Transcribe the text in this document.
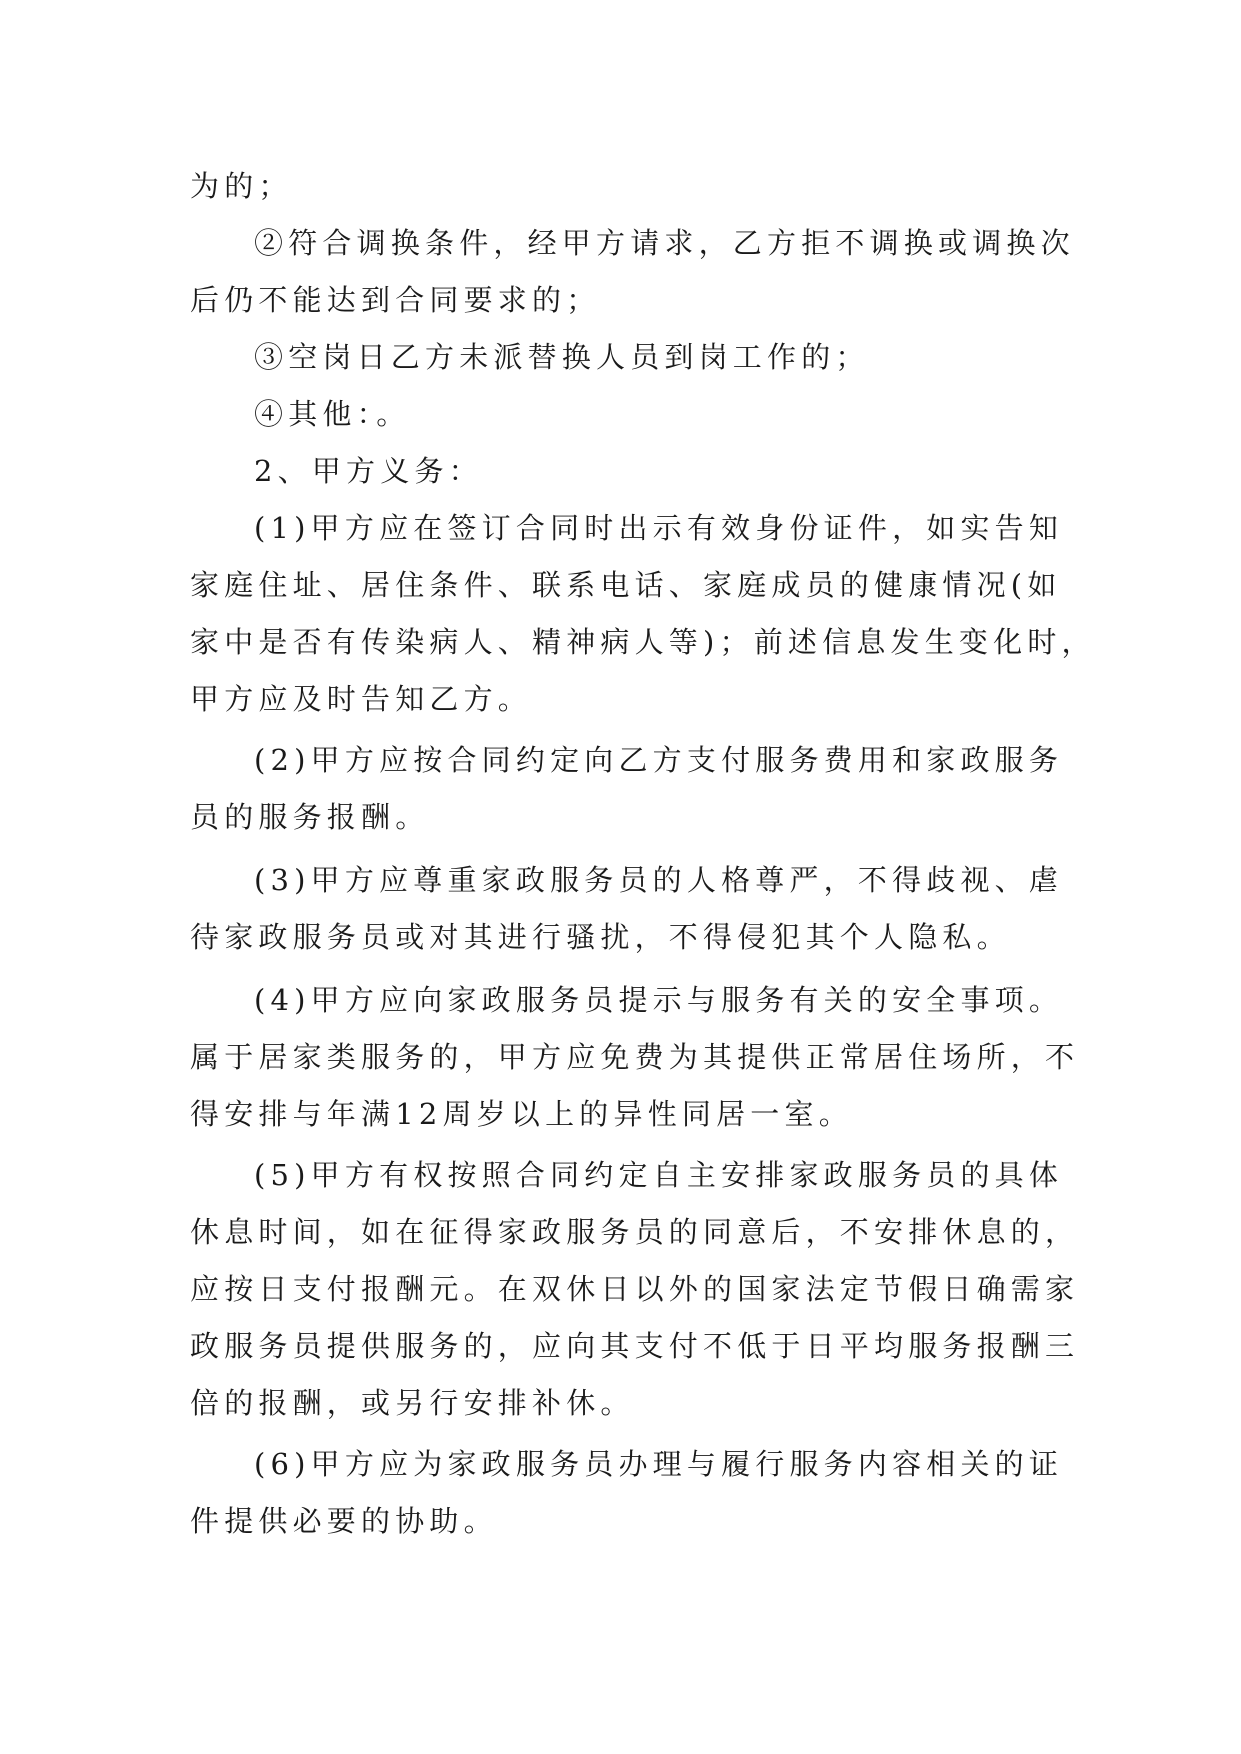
为的；
②符合调换条件，经甲方请求，乙方拒不调换或调换次
后仍不能达到合同要求的；
③空岗日乙方未派替换人员到岗工作的；
④其他：。
2、甲方义务：
(1)甲方应在签订合同时出示有效身份证件，如实告知
家庭住址、居住条件、联系电话、家庭成员的健康情况(如
家中是否有传染病人、精神病人等)；前述信息发生变化时，
甲方应及时告知乙方。
(2)甲方应按合同约定向乙方支付服务费用和家政服务
员的服务报酬。
(3)甲方应尊重家政服务员的人格尊严，不得歧视、虐
待家政服务员或对其进行骚扰，不得侵犯其个人隐私。
(4)甲方应向家政服务员提示与服务有关的安全事项。
属于居家类服务的，甲方应免费为其提供正常居住场所，不
得安排与年满12周岁以上的异性同居一室。
(5)甲方有权按照合同约定自主安排家政服务员的具体
休息时间，如在征得家政服务员的同意后，不安排休息的，
应按日支付报酬元。在双休日以外的国家法定节假日确需家
政服务员提供服务的，应向其支付不低于日平均服务报酬三
倍的报酬，或另行安排补休。
(6)甲方应为家政服务员办理与履行服务内容相关的证
件提供必要的协助。
